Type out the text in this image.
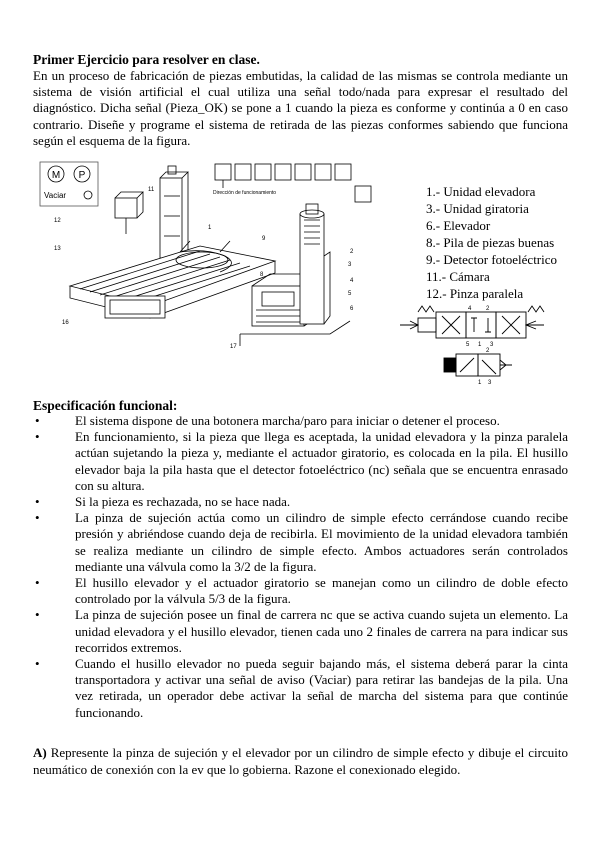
Primer Ejercicio para resolver en clase.
En un proceso de fabricación de piezas embutidas, la calidad de las mismas se controla mediante un sistema de visión artificial el cual utiliza una señal todo/nada para expresar el resultado del diagnóstico. Dicha señal (Pieza_OK) se pone a 1 cuando la pieza es conforme y continúa a 0 en caso contrario. Diseñe y programe el sistema de retirada de las piezas conformes sabiendo que funciona según el esquema de la figura.
M P
Vaciar
13
16
1
2
3
4
5
6
8
9
11
12
17
Dirección de funcionamiento	1.- Unidad elevadora
3.- Unidad giratoria
6.- Elevador
8.- Pila de piezas buenas
9.- Detector fotoeléctrico
11.- Cámara
12.- Pinza paralela
4 2
5 1 3
2
1 3
Especificación funcional:
•	El sistema dispone de una botonera marcha/paro para iniciar o detener el proceso.
•	En funcionamiento, si la pieza que llega es aceptada, la unidad elevadora y la pinza paralela actúan sujetando la pieza y, mediante el actuador giratorio, es colocada en la pila. El husillo elevador baja la pila hasta que el detector fotoeléctrico (nc) señala que se encuentra enrasado con su altura.
•	Si la pieza es rechazada, no se hace nada.
•	La pinza de sujeción actúa como un cilindro de simple efecto cerrándose cuando recibe presión y abriéndose cuando deja de recibirla. El movimiento de la unidad elevadora también se realiza mediante un cilindro de simple efecto. Ambos actuadores serán controlados mediante una válvula como la 3/2 de la figura.
•	El husillo elevador y el actuador giratorio se manejan como un cilindro de doble efecto controlado por la válvula 5/3 de la figura.
•	La pinza de sujeción posee un final de carrera nc que se activa cuando sujeta un elemento. La unidad elevadora y el husillo elevador, tienen cada uno 2 finales de carrera na para indicar sus recorridos extremos.
•	Cuando el husillo elevador no pueda seguir bajando más, el sistema deberá parar la cinta transportadora y activar una señal de aviso (Vaciar) para retirar las bandejas de la pila. Una vez retirada, un operador debe activar la señal de marcha del sistema para que continúe funcionando.
A) Represente la pinza de sujeción y el elevador por un cilindro de simple efecto y dibuje el circuito neumático de conexión con la ev que lo gobierna. Razone el conexionado elegido.
